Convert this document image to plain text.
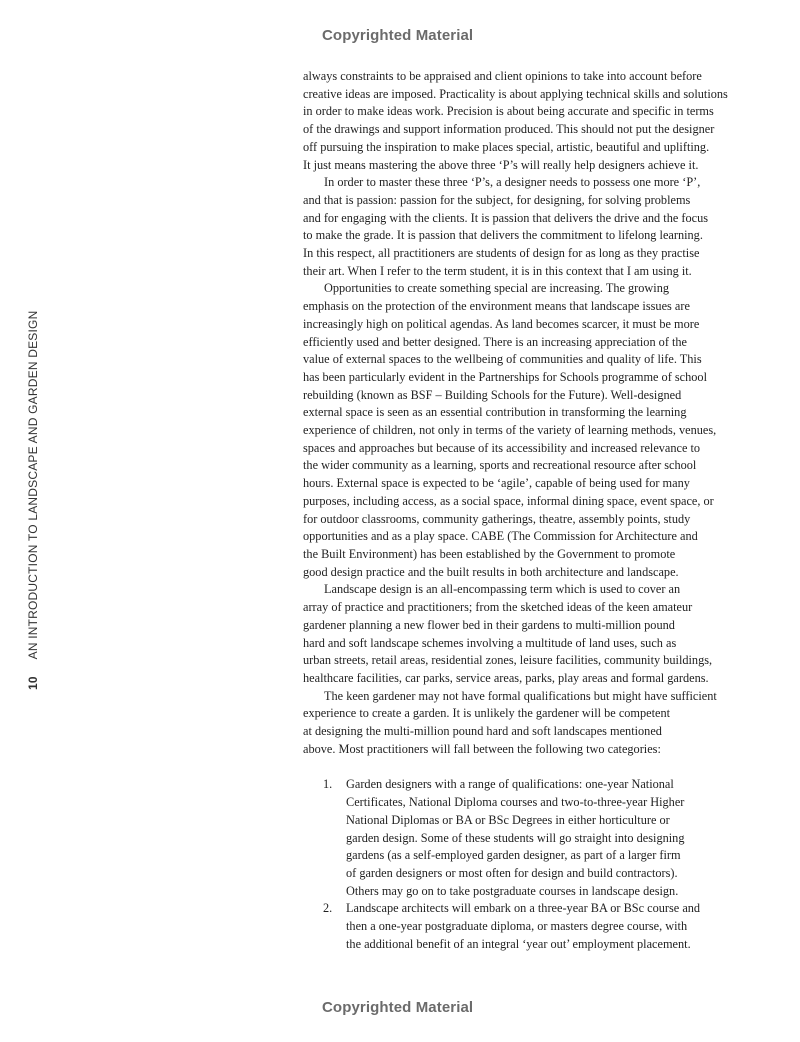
Copyrighted Material
10 AN INTRODUCTION TO LANDSCAPE AND GARDEN DESIGN
always constraints to be appraised and client opinions to take into account before
creative ideas are imposed. Practicality is about applying technical skills and solutions
in order to make ideas work. Precision is about being accurate and specific in terms
of the drawings and support information produced. This should not put the designer
off pursuing the inspiration to make places special, artistic, beautiful and uplifting.
It just means mastering the above three ‘P’s will really help designers achieve it.
In order to master these three ‘P’s, a designer needs to possess one more ‘P’,
and that is passion: passion for the subject, for designing, for solving problems
and for engaging with the clients. It is passion that delivers the drive and the focus
to make the grade. It is passion that delivers the commitment to lifelong learning.
In this respect, all practitioners are students of design for as long as they practise
their art. When I refer to the term student, it is in this context that I am using it.
Opportunities to create something special are increasing. The growing
emphasis on the protection of the environment means that landscape issues are
increasingly high on political agendas. As land becomes scarcer, it must be more
efficiently used and better designed. There is an increasing appreciation of the
value of external spaces to the wellbeing of communities and quality of life. This
has been particularly evident in the Partnerships for Schools programme of school
rebuilding (known as BSF – Building Schools for the Future). Well-designed
external space is seen as an essential contribution in transforming the learning
experience of children, not only in terms of the variety of learning methods, venues,
spaces and approaches but because of its accessibility and increased relevance to
the wider community as a learning, sports and recreational resource after school
hours. External space is expected to be ‘agile’, capable of being used for many
purposes, including access, as a social space, informal dining space, event space, or
for outdoor classrooms, community gatherings, theatre, assembly points, study
opportunities and as a play space. CABE (The Commission for Architecture and
the Built Environment) has been established by the Government to promote
good design practice and the built results in both architecture and landscape.
Landscape design is an all-encompassing term which is used to cover an
array of practice and practitioners; from the sketched ideas of the keen amateur
gardener planning a new flower bed in their gardens to multi-million pound
hard and soft landscape schemes involving a multitude of land uses, such as
urban streets, retail areas, residential zones, leisure facilities, community buildings,
healthcare facilities, car parks, service areas, parks, play areas and formal gardens.
The keen gardener may not have formal qualifications but might have sufficient
experience to create a garden. It is unlikely the gardener will be competent
at designing the multi-million pound hard and soft landscapes mentioned
above. Most practitioners will fall between the following two categories:
1. Garden designers with a range of qualifications: one-year National
Certificates, National Diploma courses and two-to-three-year Higher
National Diplomas or BA or BSc Degrees in either horticulture or
garden design. Some of these students will go straight into designing
gardens (as a self-employed garden designer, as part of a larger firm
of garden designers or most often for design and build contractors).
Others may go on to take postgraduate courses in landscape design.
2. Landscape architects will embark on a three-year BA or BSc course and
then a one-year postgraduate diploma, or masters degree course, with
the additional benefit of an integral ‘year out’ employment placement.
Copyrighted Material
